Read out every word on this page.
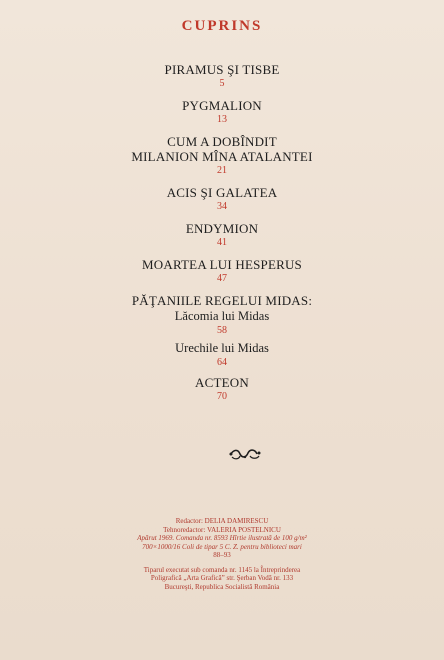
CUPRINS
PIRAMUS ŞI TISBE
5
PYGMALION
13
CUM A DOBÎNDIT
MILANION MÎNA ATALANTEI
21
ACIS ŞI GALATEA
34
ENDYMION
41
MOARTEA LUI HESPERUS
47
PĂŢANIILE REGELUI MIDAS:
Lăcomia lui Midas
58
Urechile lui Midas
64
ACTEON
70
Redactor: DELIA DAMIRESCU
Tehnoredactor: VALERIA POSTELNICU
Apărut 1969. Comanda nr. 8593 Hîrtie ilustrată de 100 g/m²
700×1000/16 Coli de tipar 5 C. Z. pentru biblioteci mari
88–93
Tiparul executat sub comanda nr. 1145 la Întreprinderea
Poligrafică „Arta Grafică” str. Şerban Vodă nr. 133
Bucureşti, Republica Socialistă România
